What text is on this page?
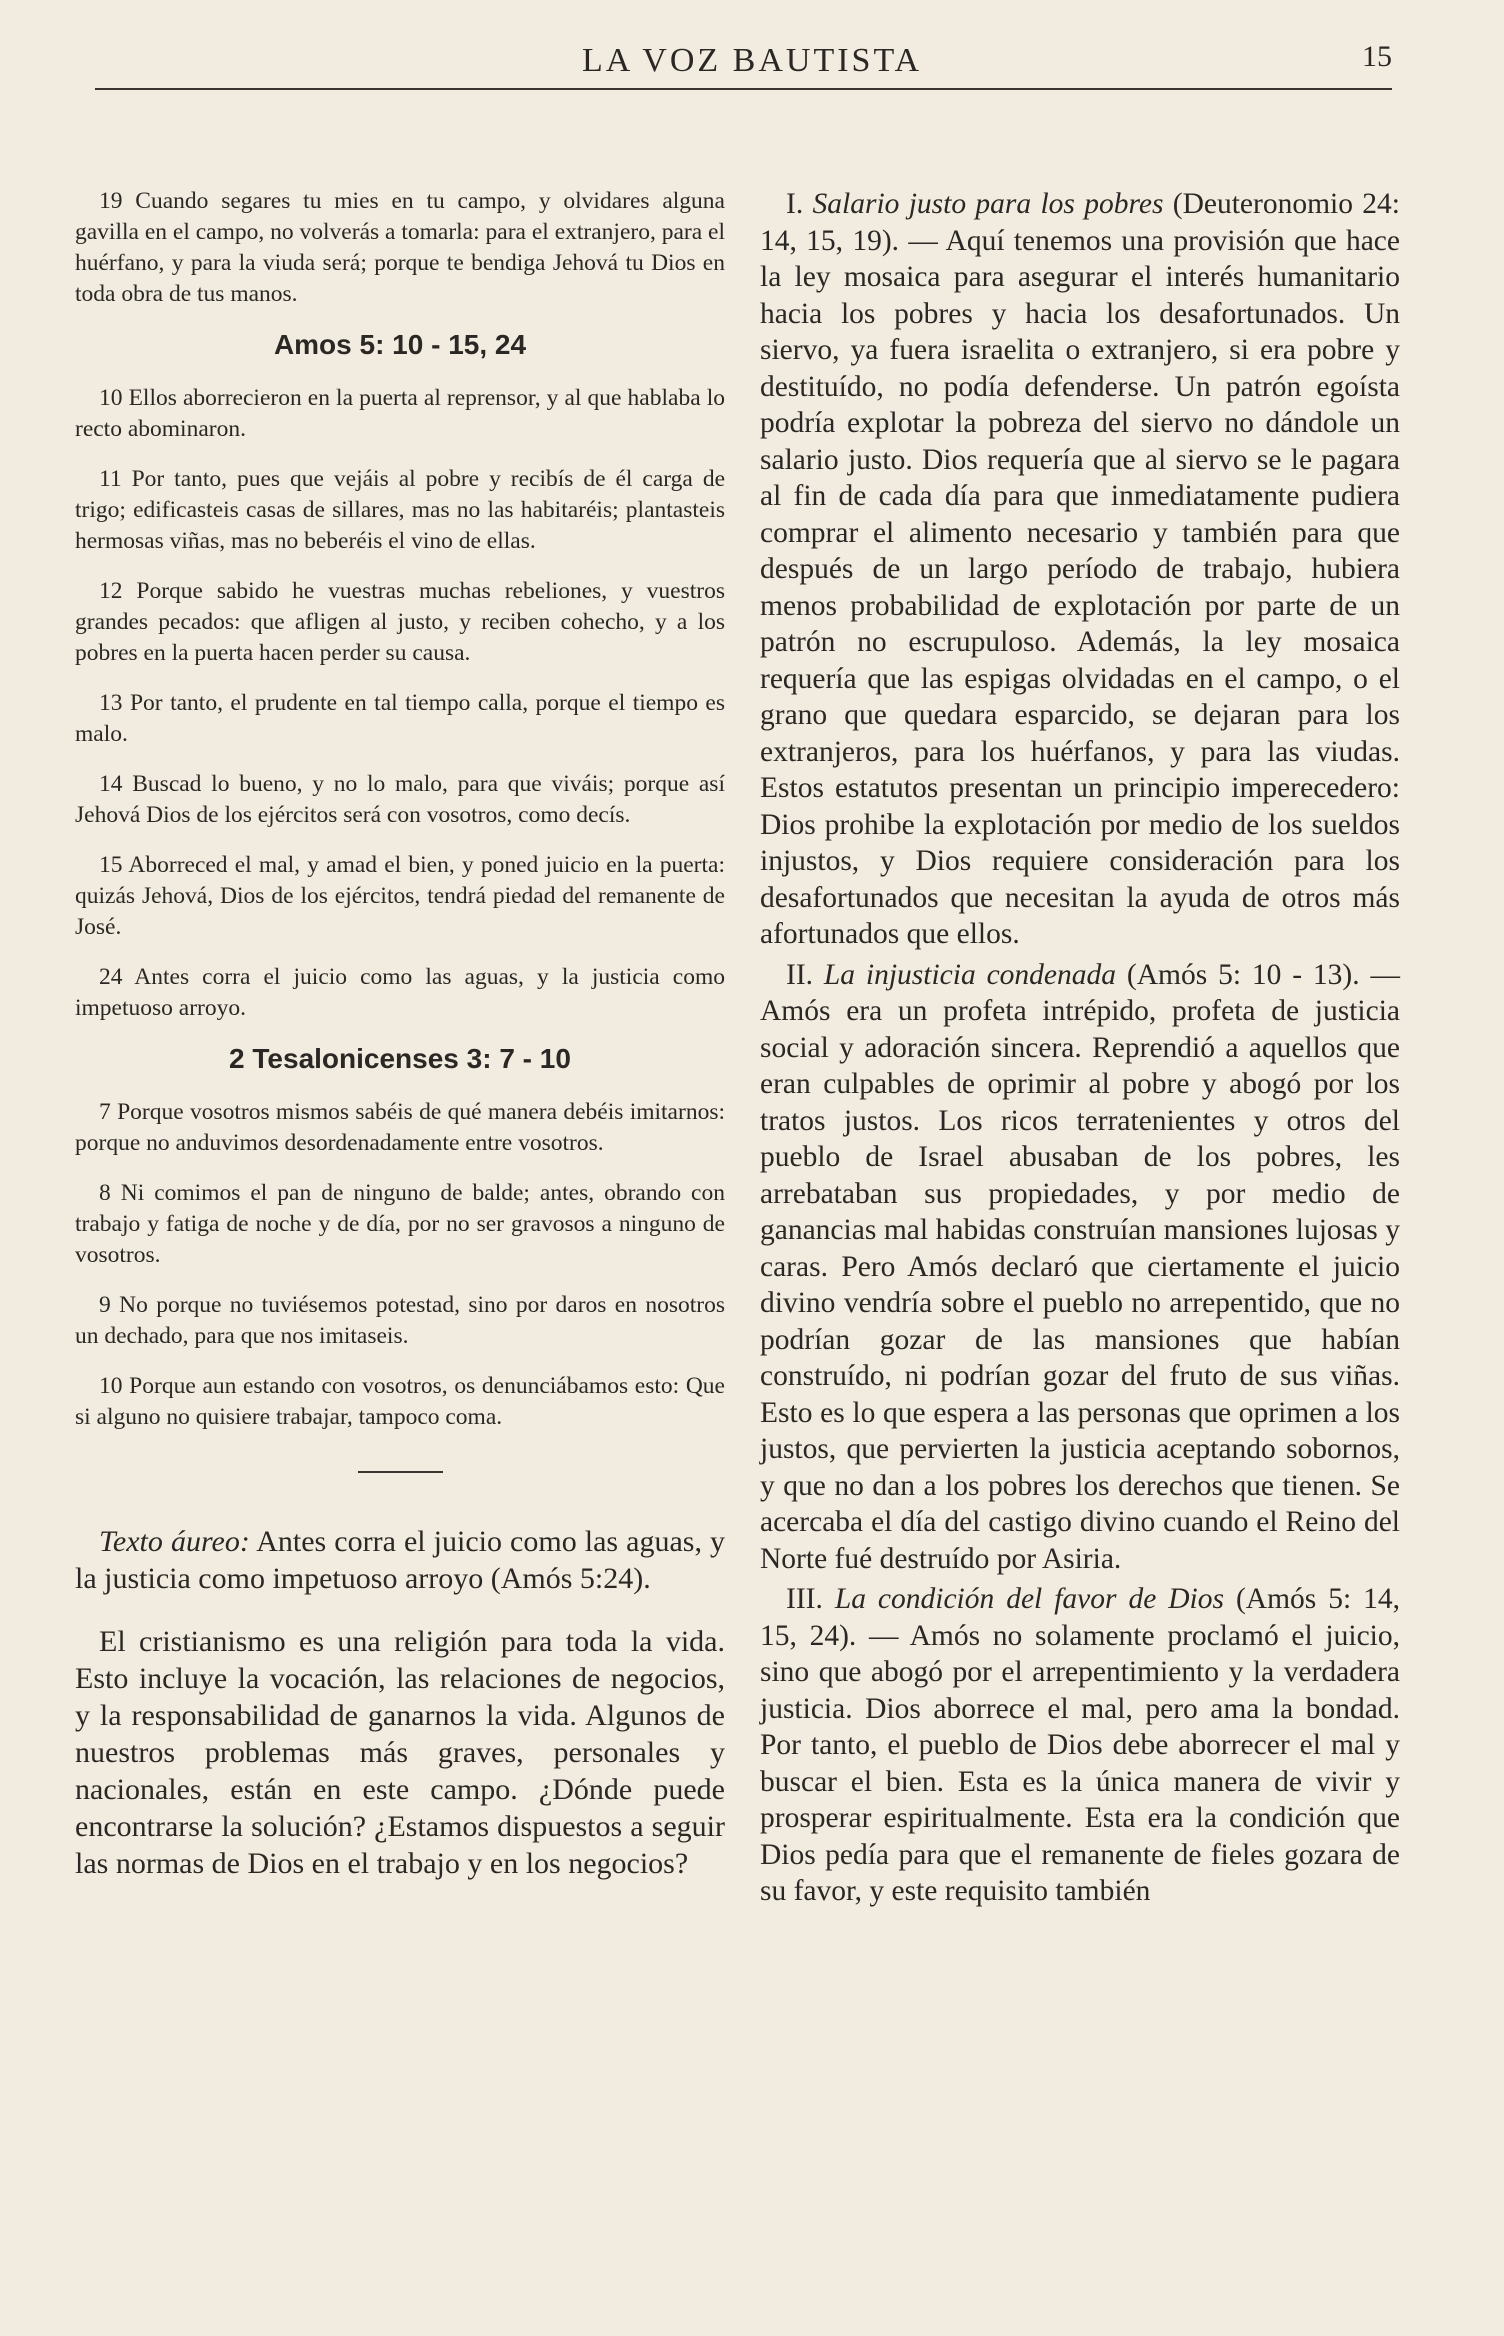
LA VOZ BAUTISTA	15

19 Cuando segares tu mies en tu campo, y olvidares alguna gavilla en el campo, no volverás a tomarla: para el extranjero, para el huérfano, y para la viuda será; porque te bendiga Jehová tu Dios en toda obra de tus manos.

Amos 5: 10 - 15, 24

10 Ellos aborrecieron en la puerta al reprensor, y al que hablaba lo recto abominaron.

11 Por tanto, pues que vejáis al pobre y recibís de él carga de trigo; edificasteis casas de sillares, mas no las habitaréis; plantasteis hermosas viñas, mas no beberéis el vino de ellas.

12 Porque sabido he vuestras muchas rebeliones, y vuestros grandes pecados: que afligen al justo, y reciben cohecho, y a los pobres en la puerta hacen perder su causa.

13 Por tanto, el prudente en tal tiempo calla, porque el tiempo es malo.

14 Buscad lo bueno, y no lo malo, para que viváis; porque así Jehová Dios de los ejércitos será con vosotros, como decís.

15 Aborreced el mal, y amad el bien, y poned juicio en la puerta: quizás Jehová, Dios de los ejércitos, tendrá piedad del remanente de José.

24 Antes corra el juicio como las aguas, y la justicia como impetuoso arroyo.

2 Tesalonicenses 3: 7 - 10

7 Porque vosotros mismos sabéis de qué manera debéis imitarnos: porque no anduvimos desordenadamente entre vosotros.

8 Ni comimos el pan de ninguno de balde; antes, obrando con trabajo y fatiga de noche y de día, por no ser gravosos a ninguno de vosotros.

9 No porque no tuviésemos potestad, sino por daros en nosotros un dechado, para que nos imitaseis.

10 Porque aun estando con vosotros, os denunciábamos esto: Que si alguno no quisiere trabajar, tampoco coma.

Texto áureo: Antes corra el juicio como las aguas, y la justicia como impetuoso arroyo (Amós 5:24).

El cristianismo es una religión para toda la vida. Esto incluye la vocación, las relaciones de negocios, y la responsabilidad de ganarnos la vida. Algunos de nuestros problemas más graves, personales y nacionales, están en este campo. ¿Dónde puede encontrarse la solución? ¿Estamos dispuestos a seguir las normas de Dios en el trabajo y en los negocios?

I. Salario justo para los pobres (Deuteronomio 24: 14, 15, 19). — Aquí tenemos una provisión que hace la ley mosaica para asegurar el interés humanitario hacia los pobres y hacia los desafortunados. Un siervo, ya fuera israelita o extranjero, si era pobre y destituído, no podía defenderse. Un patrón egoísta podría explotar la pobreza del siervo no dándole un salario justo. Dios requería que al siervo se le pagara al fin de cada día para que inmediatamente pudiera comprar el alimento necesario y también para que después de un largo período de trabajo, hubiera menos probabilidad de explotación por parte de un patrón no escrupuloso. Además, la ley mosaica requería que las espigas olvidadas en el campo, o el grano que quedara esparcido, se dejaran para los extranjeros, para los huérfanos, y para las viudas. Estos estatutos presentan un principio imperecedero: Dios prohibe la explotación por medio de los sueldos injustos, y Dios requiere consideración para los desafortunados que necesitan la ayuda de otros más afortunados que ellos.

II. La injusticia condenada (Amós 5: 10 - 13). — Amós era un profeta intrépido, profeta de justicia social y adoración sincera. Reprendió a aquellos que eran culpables de oprimir al pobre y abogó por los tratos justos. Los ricos terratenientes y otros del pueblo de Israel abusaban de los pobres, les arrebataban sus propiedades, y por medio de ganancias mal habidas construían mansiones lujosas y caras. Pero Amós declaró que ciertamente el juicio divino vendría sobre el pueblo no arrepentido, que no podrían gozar de las mansiones que habían construído, ni podrían gozar del fruto de sus viñas. Esto es lo que espera a las personas que oprimen a los justos, que pervierten la justicia aceptando sobornos, y que no dan a los pobres los derechos que tienen. Se acercaba el día del castigo divino cuando el Reino del Norte fué destruído por Asiria.

III. La condición del favor de Dios (Amós 5: 14, 15, 24). — Amós no solamente proclamó el juicio, sino que abogó por el arrepentimiento y la verdadera justicia. Dios aborrece el mal, pero ama la bondad. Por tanto, el pueblo de Dios debe aborrecer el mal y buscar el bien. Esta es la única manera de vivir y prosperar espiritualmente. Esta era la condición que Dios pedía para que el remanente de fieles gozara de su favor, y este requisito también
